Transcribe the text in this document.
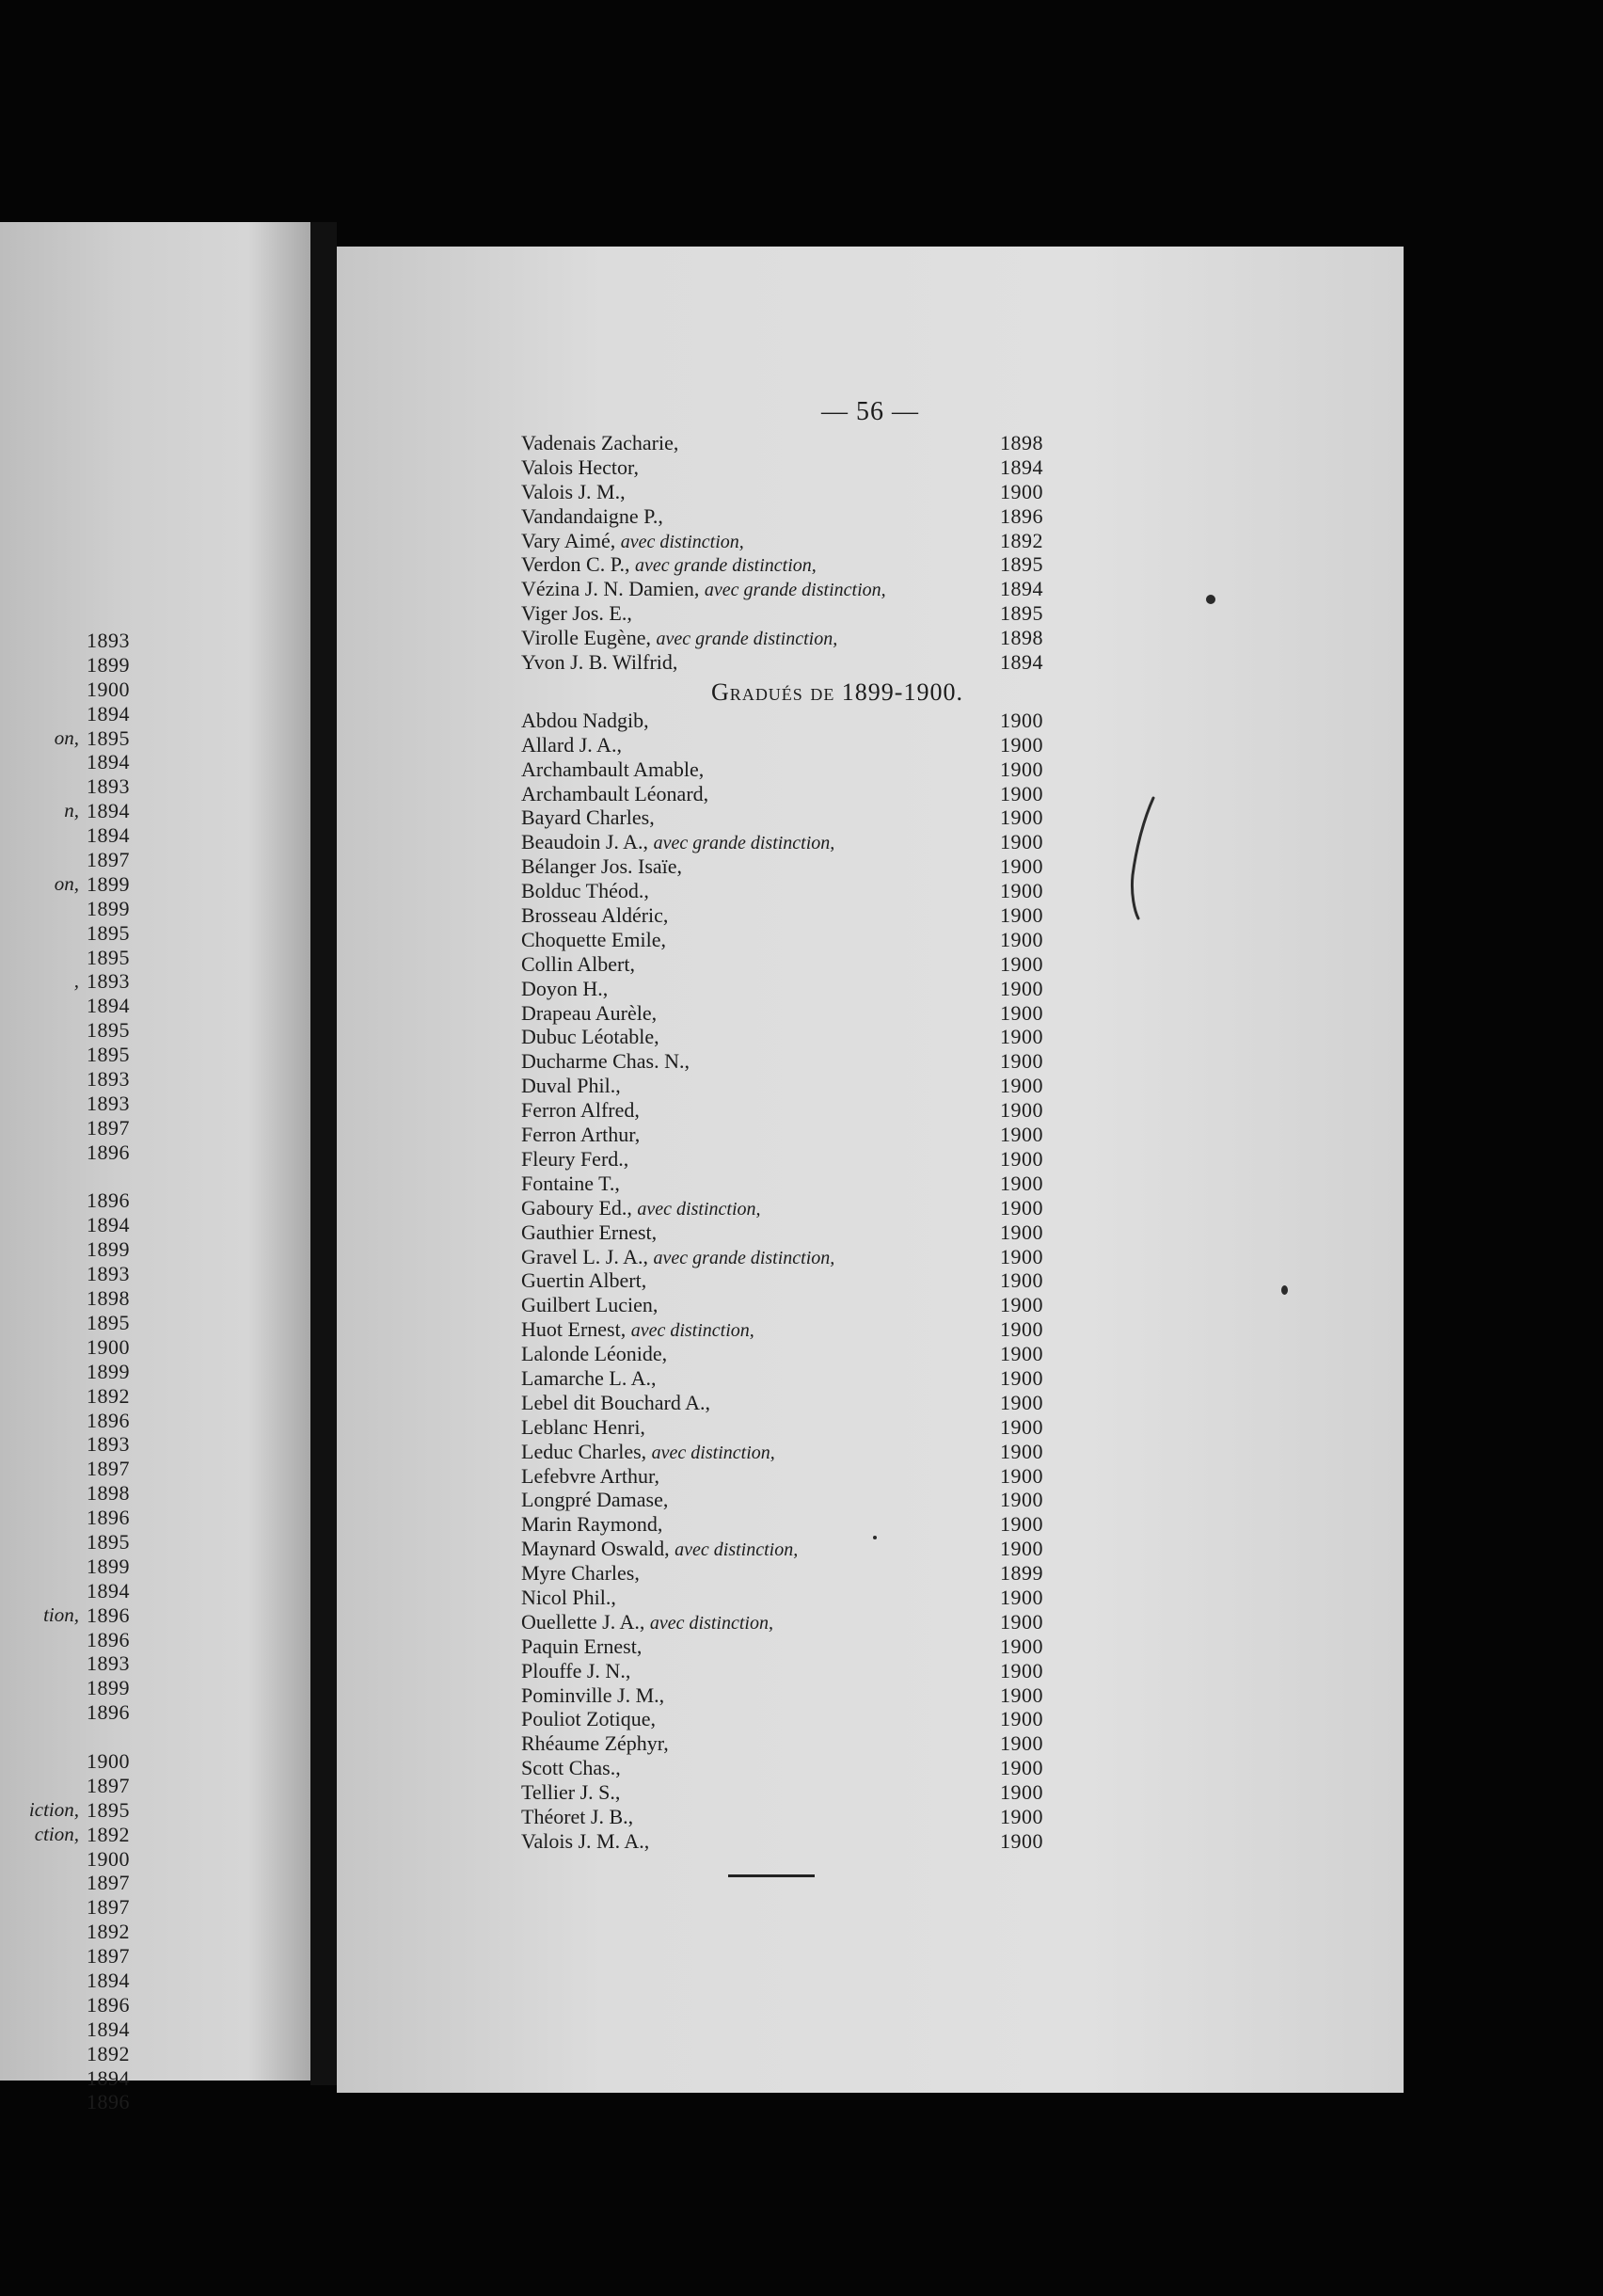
1893
1899
1900
1894
on, 1895
1894
1893
n, 1894
1894
1897
on, 1899
1899
1895
1895
, 1893
1894
1895
1895
1893
1893
1897
1896
1896
1894
1899
1893
1898
1895
1900
1899
1892
1896
1893
1897
1898
1896
1895
1899
1894
tion, 1896
1896
1893
1899
1896
1900
1897
iction, 1895
ction, 1892
1900
1897
1897
1892
1897
1894
1896
1894
1892
1894
1896
— 56 —
Vadenais Zacharie,	1898
Valois Hector,	1894
Valois J. M.,	1900
Vandandaigne P.,	1896
Vary Aimé, avec distinction,	1892
Verdon C. P., avec grande distinction,	1895
Vézina J. N. Damien, avec grande distinction,	1894
Viger Jos. E.,	1895
Virolle Eugène, avec grande distinction,	1898
Yvon J. B. Wilfrid,	1894
Gradués de 1899-1900.
Abdou Nadgib,	1900
Allard J. A.,	1900
Archambault Amable,	1900
Archambault Léonard,	1900
Bayard Charles,	1900
Beaudoin J. A., avec grande distinction,	1900
Bélanger Jos. Isaïe,	1900
Bolduc Théod.,	1900
Brosseau Aldéric,	1900
Choquette Emile,	1900
Collin Albert,	1900
Doyon H.,	1900
Drapeau Aurèle,	1900
Dubuc Léotable,	1900
Ducharme Chas. N.,	1900
Duval Phil.,	1900
Ferron Alfred,	1900
Ferron Arthur,	1900
Fleury Ferd.,	1900
Fontaine T.,	1900
Gaboury Ed., avec distinction,	1900
Gauthier Ernest,	1900
Gravel L. J. A., avec grande distinction,	1900
Guertin Albert,	1900
Guilbert Lucien,	1900
Huot Ernest, avec distinction,	1900
Lalonde Léonide,	1900
Lamarche L. A.,	1900
Lebel dit Bouchard A.,	1900
Leblanc Henri,	1900
Leduc Charles, avec distinction,	1900
Lefebvre Arthur,	1900
Longpré Damase,	1900
Marin Raymond,	1900
Maynard Oswald, avec distinction,	1900
Myre Charles,	1899
Nicol Phil.,	1900
Ouellette J. A., avec distinction,	1900
Paquin Ernest,	1900
Plouffe J. N.,	1900
Pominville J. M.,	1900
Pouliot Zotique,	1900
Rhéaume Zéphyr,	1900
Scott Chas.,	1900
Tellier J. S.,	1900
Théoret J. B.,	1900
Valois J. M. A.,	1900
